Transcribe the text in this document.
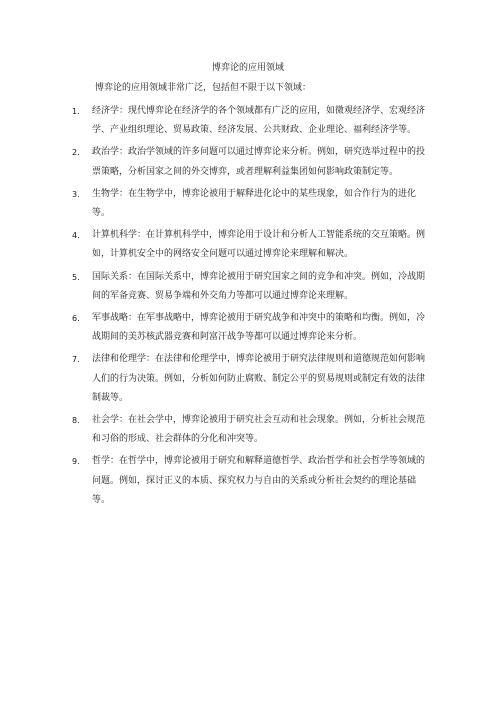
博弈论的应用领域
博弈论的应用领域非常广泛，包括但不限于以下领域：
1. 经济学：现代博弈论在经济学的各个领域都有广泛的应用，如微观经济学、宏观经济学、产业组织理论、贸易政策、经济发展、公共财政、企业理论、福利经济学等。
2. 政治学：政治学领域的许多问题可以通过博弈论来分析。例如，研究选举过程中的投票策略，分析国家之间的外交博弈，或者理解利益集团如何影响政策制定等。
3. 生物学：在生物学中，博弈论被用于解释进化论中的某些现象，如合作行为的进化等。
4. 计算机科学：在计算机科学中，博弈论用于设计和分析人工智能系统的交互策略。例如，计算机安全中的网络安全问题可以通过博弈论来理解和解决。
5. 国际关系：在国际关系中，博弈论被用于研究国家之间的竞争和冲突。例如，冷战期间的军备竞赛、贸易争端和外交角力等都可以通过博弈论来理解。
6. 军事战略：在军事战略中，博弈论被用于研究战争和冲突中的策略和均衡。例如，冷战期间的美苏核武器竞赛和阿富汗战争等都可以通过博弈论来分析。
7. 法律和伦理学：在法律和伦理学中，博弈论被用于研究法律规则和道德规范如何影响人们的行为决策。例如，分析如何防止腐败、制定公平的贸易规则或制定有效的法律制裁等。
8. 社会学：在社会学中，博弈论被用于研究社会互动和社会现象。例如，分析社会规范和习俗的形成、社会群体的分化和冲突等。
9. 哲学：在哲学中，博弈论被用于研究和解释道德哲学、政治哲学和社会哲学等领域的问题。例如，探讨正义的本质、探究权力与自由的关系或分析社会契约的理论基础等。
